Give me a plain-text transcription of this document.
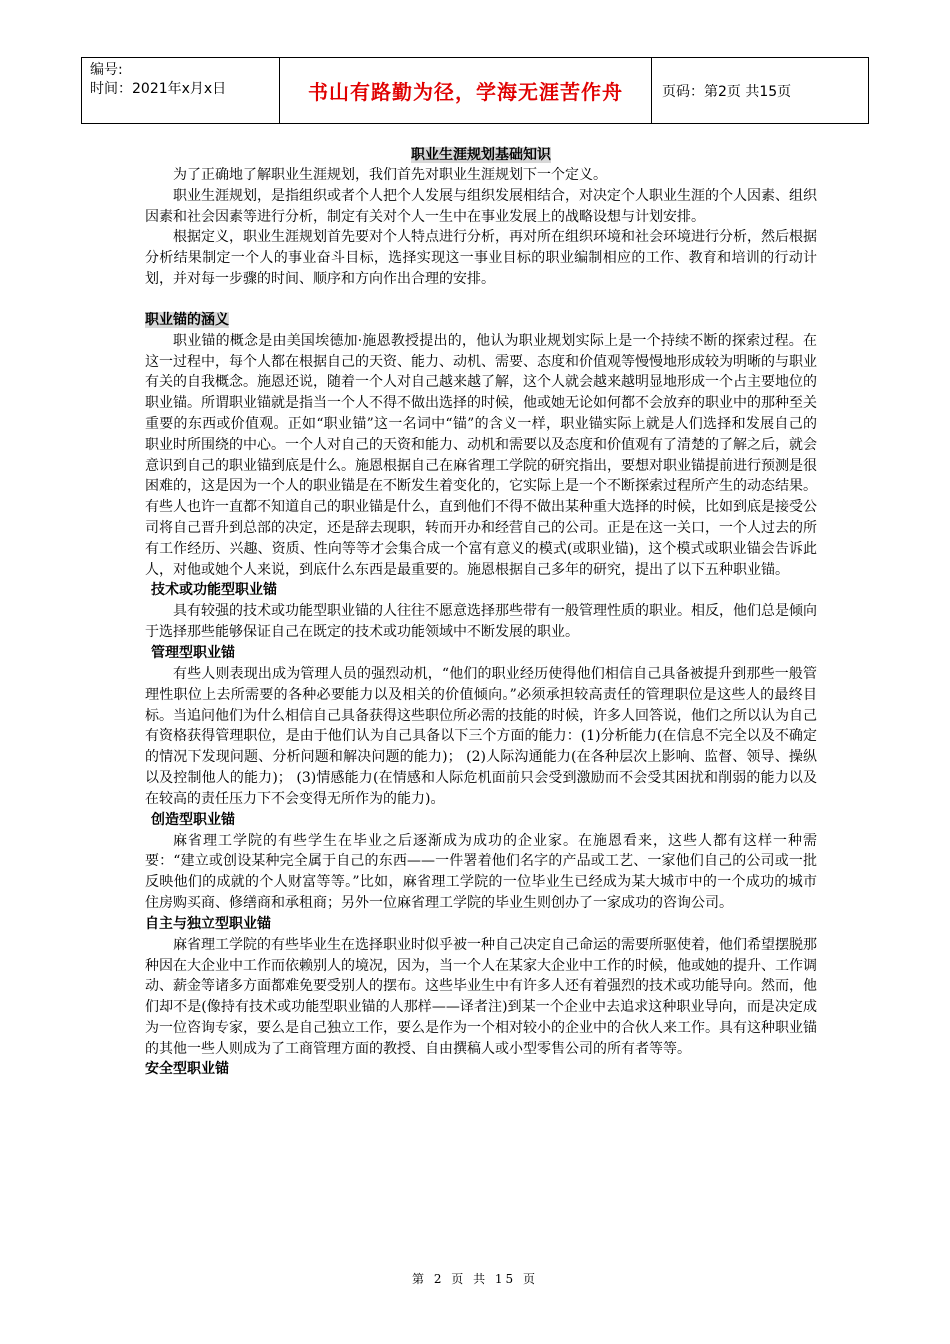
编号:
时间：2021年x月x日	书山有路勤为径，学海无涯苦作舟	页码：第2页 共15页
职业生涯规划基础知识

为了正确地了解职业生涯规划，我们首先对职业生涯规划下一个定义。

职业生涯规划，是指组织或者个人把个人发展与组织发展相结合，对决定个人职业生涯的个人因素、组织因素和社会因素等进行分析，制定有关对个人一生中在事业发展上的战略设想与计划安排。

根据定义，职业生涯规划首先要对个人特点进行分析，再对所在组织环境和社会环境进行分析，然后根据分析结果制定一个人的事业奋斗目标，选择实现这一事业目标的职业编制相应的工作、教育和培训的行动计划，并对每一步骤的时间、顺序和方向作出合理的安排。

职业锚的涵义

职业锚的概念是由美国埃德加·施恩教授提出的，他认为职业规划实际上是一个持续不断的探索过程。在这一过程中，每个人都在根据自己的天资、能力、动机、需要、态度和价值观等慢慢地形成较为明晰的与职业有关的自我概念。施恩还说，随着一个人对自己越来越了解，这个人就会越来越明显地形成一个占主要地位的职业锚。所谓职业锚就是指当一个人不得不做出选择的时候，他或她无论如何都不会放弃的职业中的那种至关重要的东西或价值观。正如“职业锚”这一名词中“锚”的含义一样，职业锚实际上就是人们选择和发展自己的职业时所围绕的中心。一个人对自己的天资和能力、动机和需要以及态度和价值观有了清楚的了解之后，就会意识到自己的职业锚到底是什么。施恩根据自己在麻省理工学院的研究指出，要想对职业锚提前进行预测是很困难的，这是因为一个人的职业锚是在不断发生着变化的，它实际上是一个不断探索过程所产生的动态结果。有些人也许一直都不知道自己的职业锚是什么，直到他们不得不做出某种重大选择的时候，比如到底是接受公司将自己晋升到总部的决定，还是辞去现职，转而开办和经营自己的公司。正是在这一关口，一个人过去的所有工作经历、兴趣、资质、性向等等才会集合成一个富有意义的模式(或职业锚)，这个模式或职业锚会告诉此人，对他或她个人来说，到底什么东西是最重要的。施恩根据自己多年的研究，提出了以下五种职业锚。

技术或功能型职业锚

具有较强的技术或功能型职业锚的人往往不愿意选择那些带有一般管理性质的职业。相反，他们总是倾向于选择那些能够保证自己在既定的技术或功能领域中不断发展的职业。

管理型职业锚

有些人则表现出成为管理人员的强烈动机，“他们的职业经历使得他们相信自己具备被提升到那些一般管理性职位上去所需要的各种必要能力以及相关的价值倾向。”必须承担较高责任的管理职位是这些人的最终目标。当追问他们为什么相信自己具备获得这些职位所必需的技能的时候，许多人回答说，他们之所以认为自己有资格获得管理职位，是由于他们认为自己具备以下三个方面的能力：(1)分析能力(在信息不完全以及不确定的情况下发现问题、分析问题和解决问题的能力)； (2)人际沟通能力(在各种层次上影响、监督、领导、操纵以及控制他人的能力)； (3)情感能力(在情感和人际危机面前只会受到激励而不会受其困扰和削弱的能力以及在较高的责任压力下不会变得无所作为的能力)。

创造型职业锚

麻省理工学院的有些学生在毕业之后逐渐成为成功的企业家。在施恩看来，这些人都有这样一种需要：“建立或创设某种完全属于自己的东西——一件署着他们名字的产品或工艺、一家他们自己的公司或一批反映他们的成就的个人财富等等。”比如，麻省理工学院的一位毕业生已经成为某大城市中的一个成功的城市住房购买商、修缮商和承租商；另外一位麻省理工学院的毕业生则创办了一家成功的咨询公司。

自主与独立型职业锚

麻省理工学院的有些毕业生在选择职业时似乎被一种自己决定自己命运的需要所驱使着，他们希望摆脱那种因在大企业中工作而依赖别人的境况，因为，当一个人在某家大企业中工作的时候，他或她的提升、工作调动、薪金等诸多方面都难免要受别人的摆布。这些毕业生中有许多人还有着强烈的技术或功能导向。然而，他们却不是(像持有技术或功能型职业锚的人那样——译者注)到某一个企业中去追求这种职业导向，而是决定成为一位咨询专家，要么是自己独立工作，要么是作为一个相对较小的企业中的合伙人来工作。具有这种职业锚的其他一些人则成为了工商管理方面的教授、自由撰稿人或小型零售公司的所有者等等。

安全型职业锚
第 2 页 共 15 页
